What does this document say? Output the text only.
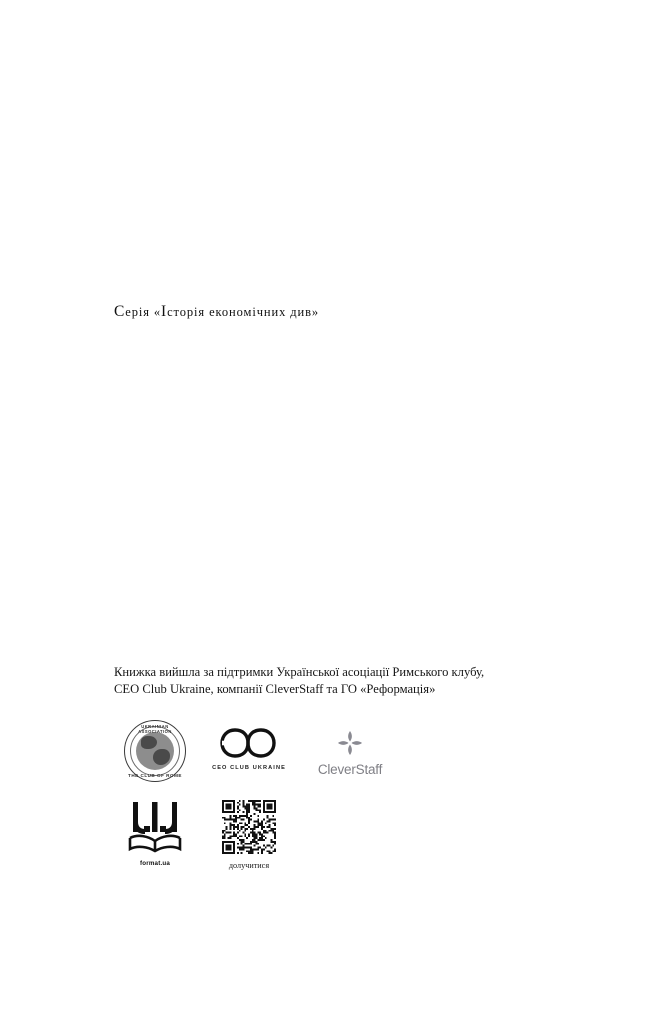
Серія «Історія економічних див»
Книжка вийшла за підтримки Української асоціації Римського клубу,
CEO Club Ukraine, компанії CleverStaff та ГО «Реформація»
UKRAINIAN ASSOCIATION
THE CLUB OF ROME
CEO CLUB UKRAINE CleverStaff
format.ua	долучитися
